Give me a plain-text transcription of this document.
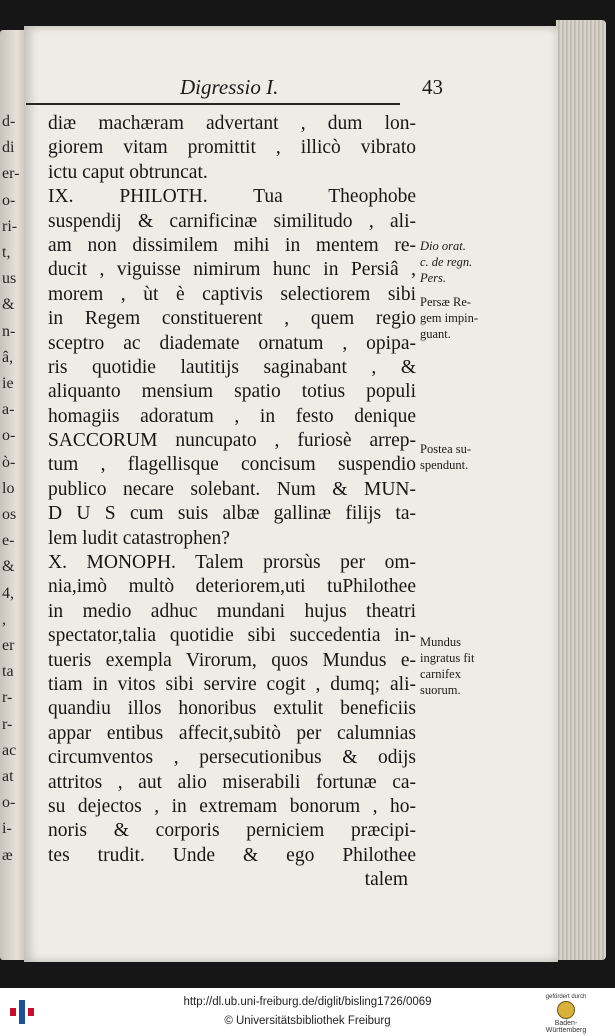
d-
di
er-
o-
ri-
t,
us
&
n-
â,
ie
a-
o-
ò-
lo
os
e-
&
4,
,
er
ta
r-
r-
ac
at
o-
i-
æ
Digressio I.	43
diæ machæram advertant , dum lon-
giorem vitam promittit , illicò vibrato
ictu caput obtruncat.
IX. PHILOTH. Tua Theophobe
suspendij & carnificinæ similitudo , ali-
am non dissimilem mihi in mentem re-
ducit , viguisse nimirum hunc in Persiâ ,
morem , ùt è captivis selectiorem sibi
in Regem constituerent , quem regio
sceptro ac diademate ornatum , opipa-
ris quotidie lautitijs saginabant , &
aliquanto mensium spatio totius populi
homagiis adoratum , in festo denique
SACCORUM nuncupato , furiosè arrep-
tum , flagellisque concisum suspendio
publico necare solebant. Num & MUN-
D U S cum suis albæ gallinæ filijs ta-
lem ludit catastrophen?
X. MONOPH. Talem prorsùs per om-
nia,imò multò deteriorem,uti tuPhilothee
in medio adhuc mundani hujus theatri
spectator,talia quotidie sibi succedentia in-
tueris exempla Virorum, quos Mundus e-
tiam in vitos sibi servire cogit , dumq; ali-
quandiu illos honoribus extulit beneficiis
appar entibus affecit,subitò per calumnias
circumventos , persecutionibus & odijs
attritos , aut alio miserabili fortunæ ca-
su dejectos , in extremam bonorum , ho-
noris & corporis perniciem præcipi-
tes trudit. Unde & ego Philothee
talem
Dio orat.
c. de regn.
Pers.
Persæ Re-
gem impin-
guant.
Postea su-
spendunt.
Mundus
ingratus fit
carnifex
suorum.
http://dl.ub.uni-freiburg.de/diglit/bisling1726/0069
© Universitätsbibliothek Freiburg
gefördert durch
Baden-Württemberg
